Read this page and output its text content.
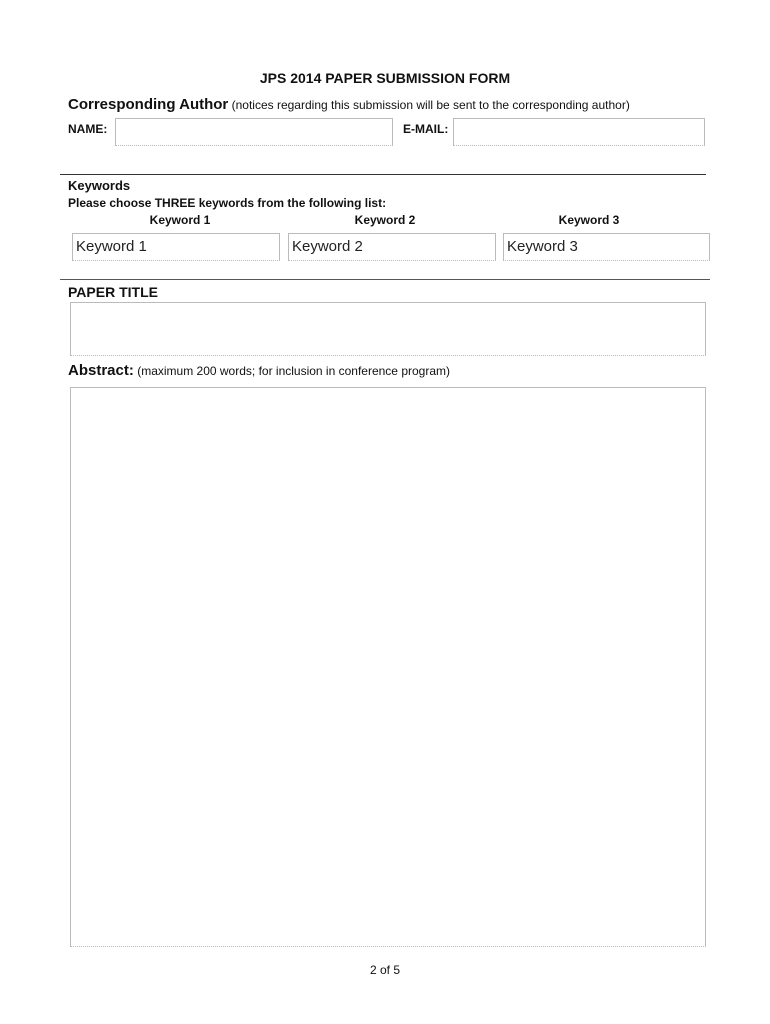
JPS 2014 PAPER SUBMISSION FORM
Corresponding Author (notices regarding this submission will be sent to the corresponding author)
NAME:	E-MAIL:
Keywords
Please choose THREE keywords from the following list:
Keyword 1	Keyword 2	Keyword 3
Keyword 1	Keyword 2	Keyword 3
PAPER TITLE
Abstract: (maximum 200 words; for inclusion in conference program)
2 of 5
